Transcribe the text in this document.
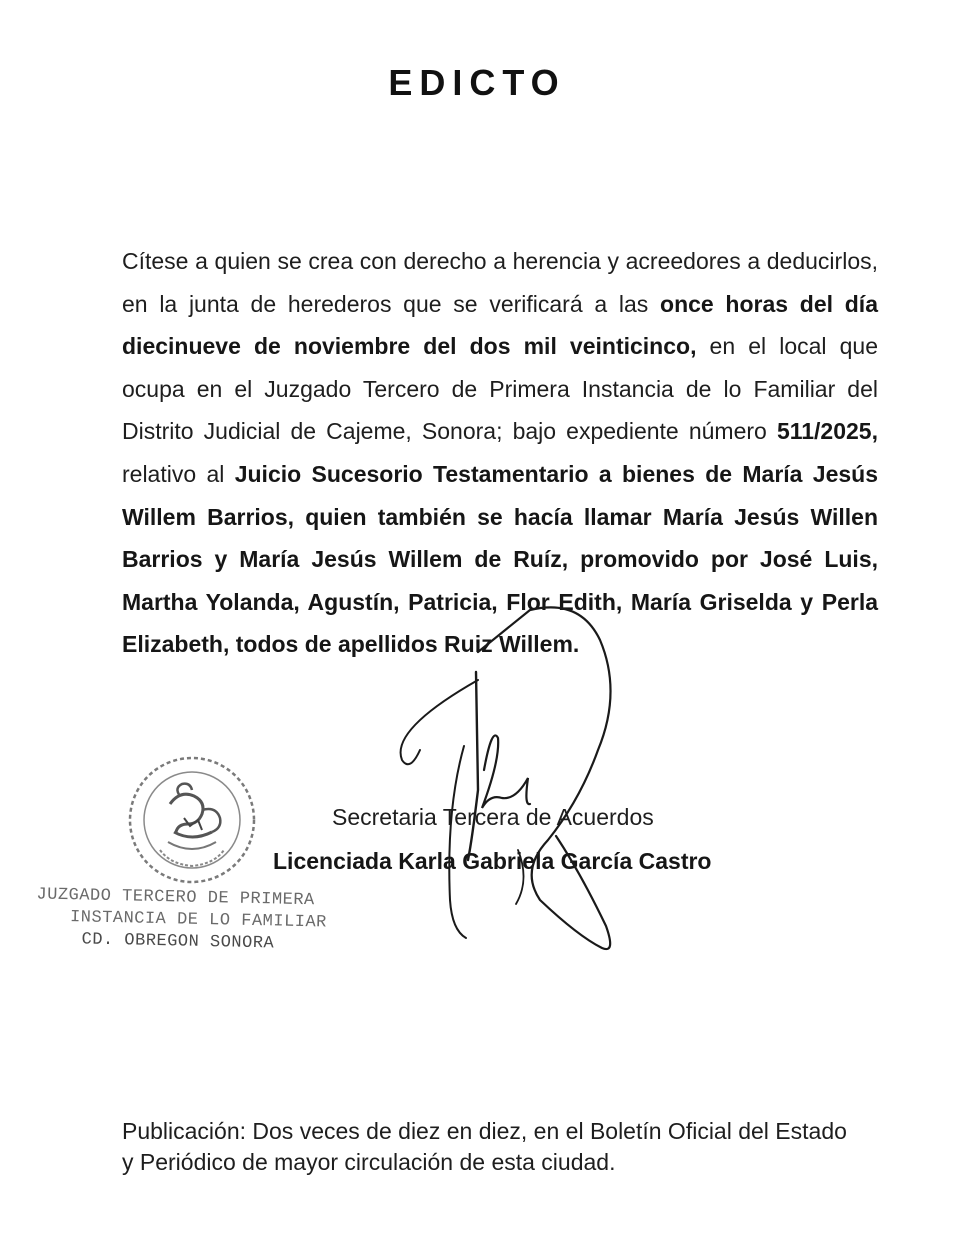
EDICTO
Cítese a quien se crea con derecho a herencia y acreedores a deducirlos, en la junta de herederos que se verificará a las once horas del día diecinueve de noviembre del dos mil veinticinco, en el local que ocupa en el Juzgado Tercero de Primera Instancia de lo Familiar del Distrito Judicial de Cajeme, Sonora; bajo expediente número 511/2025, relativo al Juicio Sucesorio Testamentario a bienes de María Jesús Willem Barrios, quien también se hacía llamar María Jesús Willen Barrios y María Jesús Willem de Ruíz, promovido por José Luis, Martha Yolanda, Agustín, Patricia, Flor Edith, María Griselda y Perla Elizabeth, todos de apellidos Ruiz Willem.
JUZGADO TERCERO DE PRIMERA
INSTANCIA DE LO FAMILIAR
CD. OBREGON SONORA
Secretaria Tercera de Acuerdos
Licenciada Karla Gabriela García Castro
Publicación: Dos veces de diez en diez, en el Boletín Oficial del Estado
y Periódico de mayor circulación de esta ciudad.
